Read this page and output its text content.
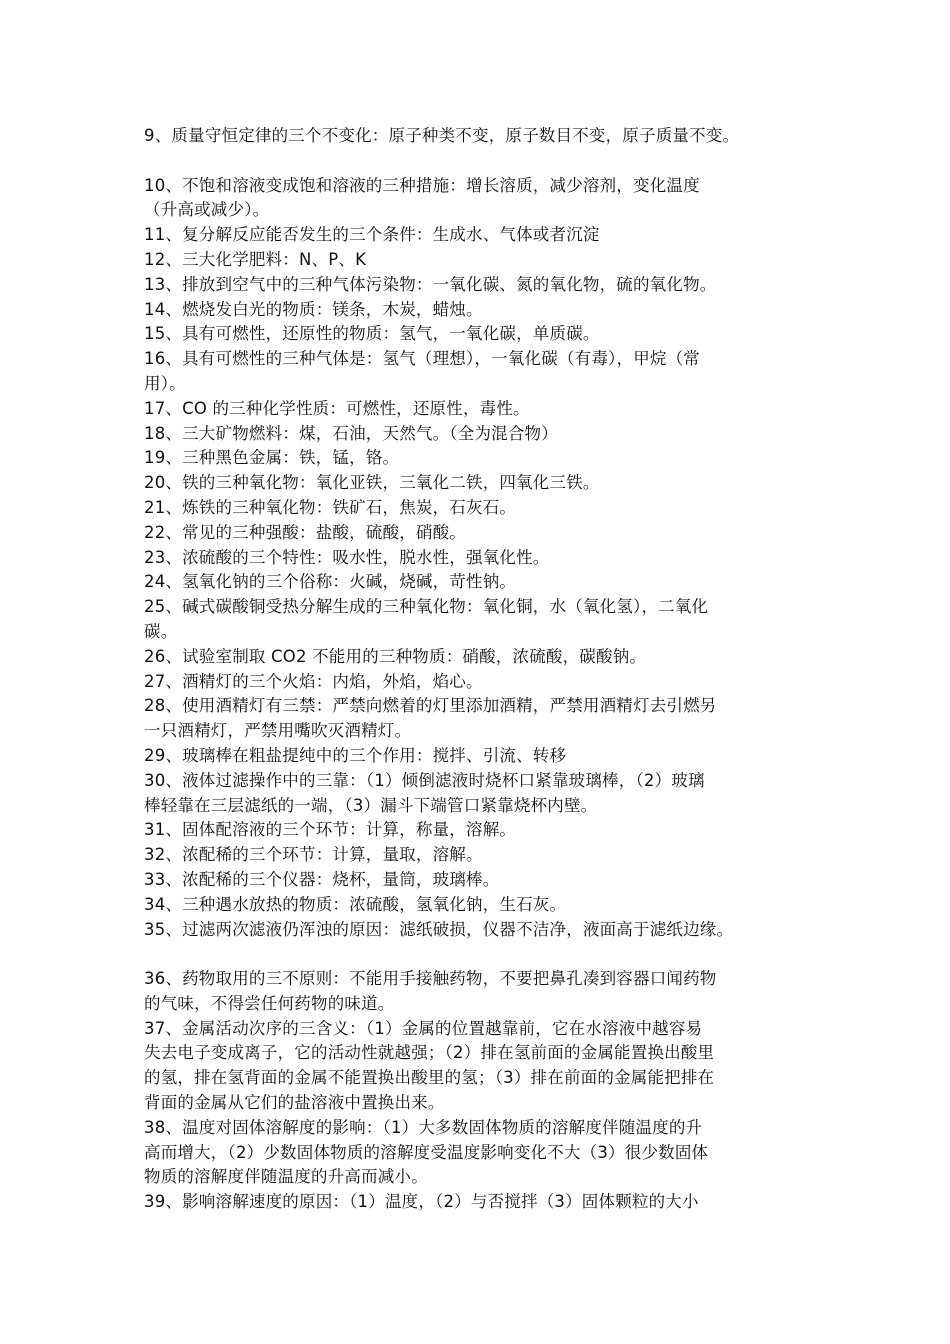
9、质量守恒定律的三个不变化：原子种类不变，原子数目不变，原子质量不变。
10、不饱和溶液变成饱和溶液的三种措施：增长溶质，减少溶剂，变化温度
（升高或减少）。
11、复分解反应能否发生的三个条件：生成水、气体或者沉淀
12、三大化学肥料：N、P、K
13、排放到空气中的三种气体污染物：一氧化碳、氮的氧化物，硫的氧化物。
14、燃烧发白光的物质：镁条，木炭，蜡烛。
15、具有可燃性，还原性的物质：氢气，一氧化碳，单质碳。
16、具有可燃性的三种气体是：氢气（理想），一氧化碳（有毒），甲烷（常
用）。
17、CO 的三种化学性质：可燃性，还原性，毒性。
18、三大矿物燃料：煤，石油，天然气。（全为混合物）
19、三种黑色金属：铁，锰，铬。
20、铁的三种氧化物：氧化亚铁，三氧化二铁，四氧化三铁。
21、炼铁的三种氧化物：铁矿石，焦炭，石灰石。
22、常见的三种强酸：盐酸，硫酸，硝酸。
23、浓硫酸的三个特性：吸水性，脱水性，强氧化性。
24、氢氧化钠的三个俗称：火碱，烧碱，苛性钠。
25、碱式碳酸铜受热分解生成的三种氧化物：氧化铜，水（氧化氢），二氧化
碳。
26、试验室制取 CO2 不能用的三种物质：硝酸，浓硫酸，碳酸钠。
27、酒精灯的三个火焰：内焰，外焰，焰心。
28、使用酒精灯有三禁：严禁向燃着的灯里添加酒精，严禁用酒精灯去引燃另
一只酒精灯，严禁用嘴吹灭酒精灯。
29、玻璃棒在粗盐提纯中的三个作用：搅拌、引流、转移
30、液体过滤操作中的三靠：（1）倾倒滤液时烧杯口紧靠玻璃棒，（2）玻璃
棒轻靠在三层滤纸的一端，（3）漏斗下端管口紧靠烧杯内壁。
31、固体配溶液的三个环节：计算，称量，溶解。
32、浓配稀的三个环节：计算，量取，溶解。
33、浓配稀的三个仪器：烧杯，量筒，玻璃棒。
34、三种遇水放热的物质：浓硫酸，氢氧化钠，生石灰。
35、过滤两次滤液仍浑浊的原因：滤纸破损，仪器不洁净，液面高于滤纸边缘。
36、药物取用的三不原则：不能用手接触药物，不要把鼻孔凑到容器口闻药物
的气味，不得尝任何药物的味道。
37、金属活动次序的三含义：（1）金属的位置越靠前，它在水溶液中越容易
失去电子变成离子，它的活动性就越强；（2）排在氢前面的金属能置换出酸里
的氢，排在氢背面的金属不能置换出酸里的氢；（3）排在前面的金属能把排在
背面的金属从它们的盐溶液中置换出来。
38、温度对固体溶解度的影响：（1）大多数固体物质的溶解度伴随温度的升
高而增大，（2）少数固体物质的溶解度受温度影响变化不大（3）很少数固体
物质的溶解度伴随温度的升高而减小。
39、影响溶解速度的原因：（1）温度，（2）与否搅拌（3）固体颗粒的大小
